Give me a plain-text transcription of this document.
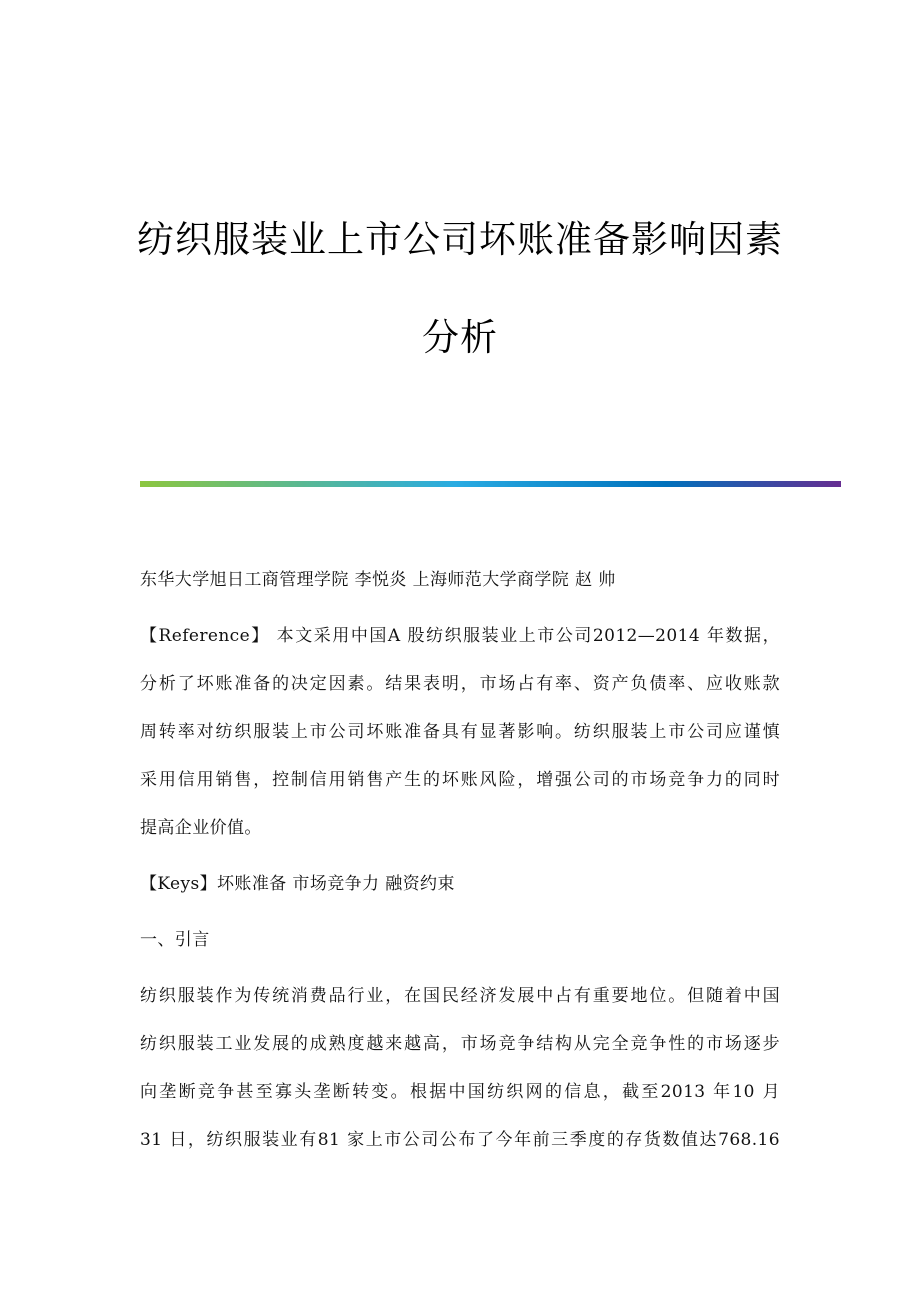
纺织服装业上市公司坏账准备影响因素
分析
东华大学旭日工商管理学院 李悦炎 上海师范大学商学院 赵 帅
【Reference】 本文采用中国A 股纺织服装业上市公司2012—2014 年数据，
分析了坏账准备的决定因素。结果表明，市场占有率、资产负债率、应收账款
周转率对纺织服装上市公司坏账准备具有显著影响。纺织服装上市公司应谨慎
采用信用销售，控制信用销售产生的坏账风险，增强公司的市场竞争力的同时
提高企业价值。
【Keys】坏账准备 市场竞争力 融资约束
一、引言
纺织服装作为传统消费品行业，在国民经济发展中占有重要地位。但随着中国
纺织服装工业发展的成熟度越来越高，市场竞争结构从完全竞争性的市场逐步
向垄断竞争甚至寡头垄断转变。根据中国纺织网的信息，截至2013 年10 月
31 日，纺织服装业有81 家上市公司公布了今年前三季度的存货数值达768.16
